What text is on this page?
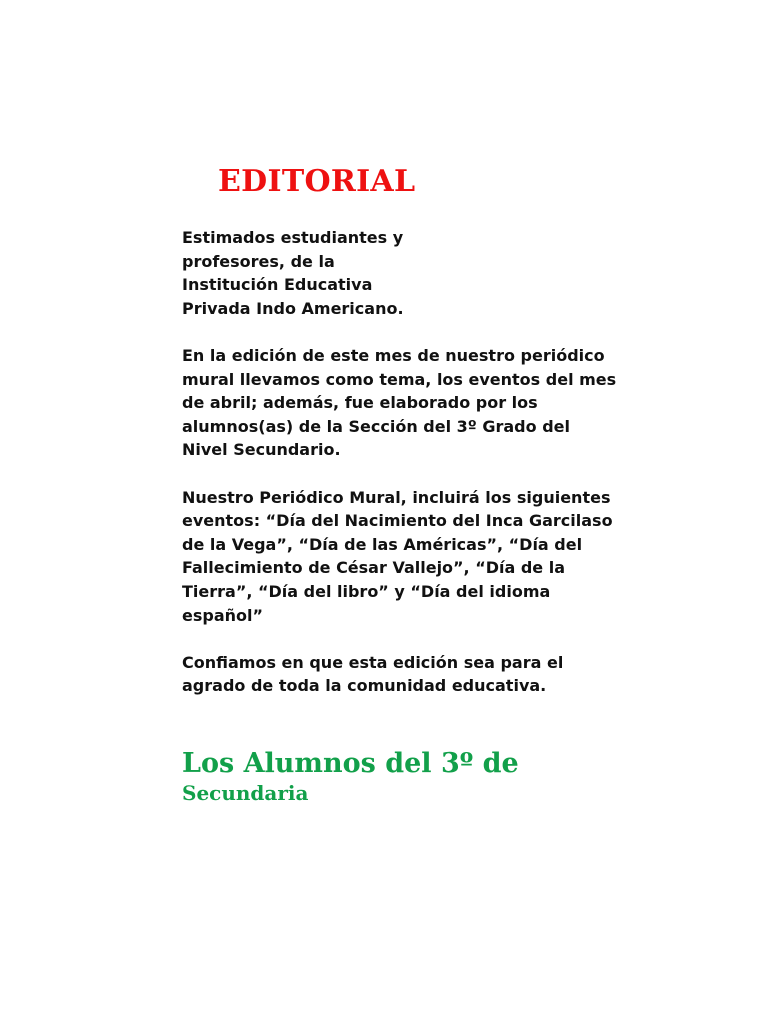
EDITORIAL

Estimados estudiantes y
profesores, de la
Institución Educativa
Privada Indo Americano.

En la edición de este mes de nuestro periódico
mural llevamos como tema, los eventos del mes
de abril; además, fue elaborado por los
alumnos(as) de la Sección del 3º Grado del
Nivel Secundario.

Nuestro Periódico Mural, incluirá los siguientes
eventos: “Día del Nacimiento del Inca Garcilaso
de la Vega”, “Día de las Américas”, “Día del
Fallecimiento de César Vallejo”, “Día de la
Tierra”, “Día del libro” y “Día del idioma
español”

Confiamos en que esta edición sea para el
agrado de toda la comunidad educativa.

Los Alumnos del 3º de
Secundaria
